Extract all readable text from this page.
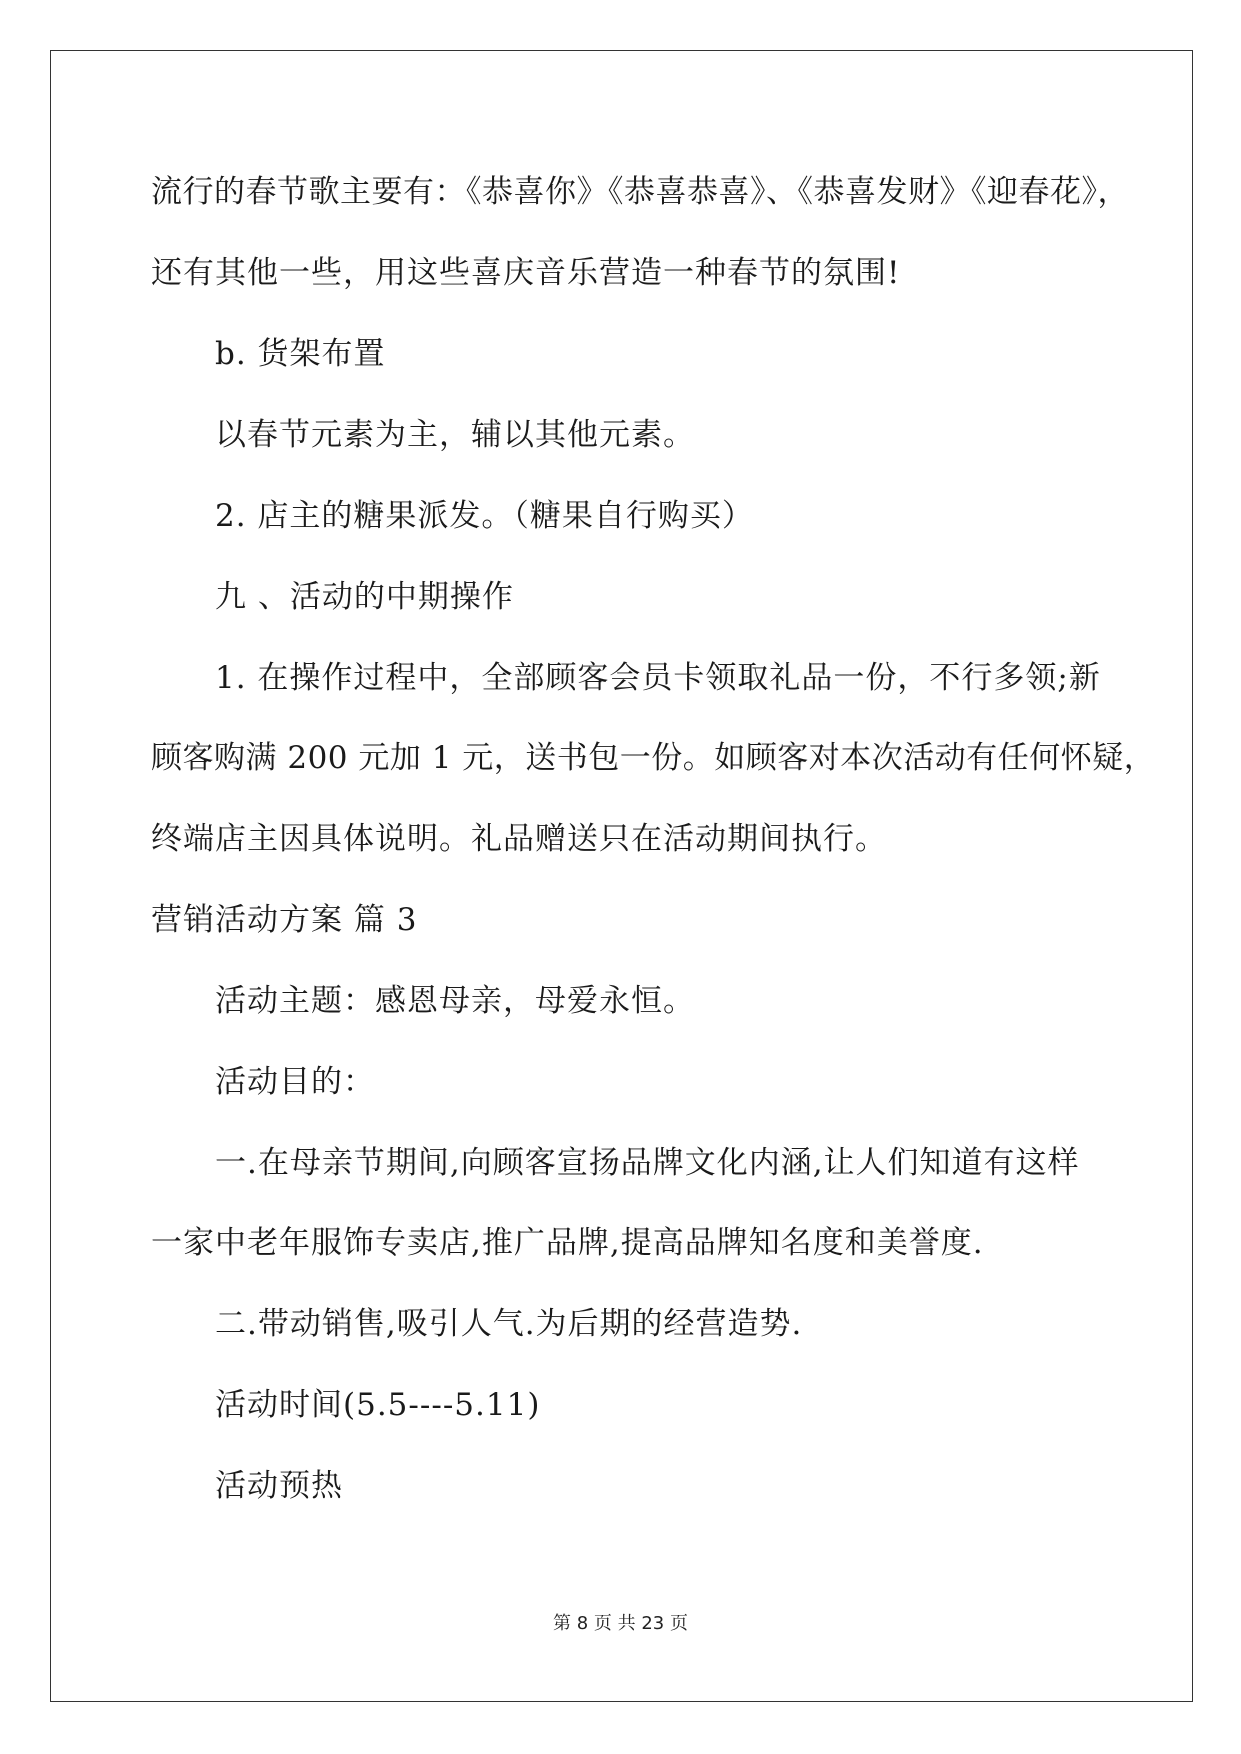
流行的春节歌主要有：《恭喜你》《恭喜恭喜》、《恭喜发财》《迎春花》，
还有其他一些，用这些喜庆音乐营造一种春节的氛围!
b. 货架布置
以春节元素为主，辅以其他元素。
2. 店主的糖果派发。（糖果自行购买）
九 、活动的中期操作
1. 在操作过程中，全部顾客会员卡领取礼品一份，不行多领;新
顾客购满 200 元加 1 元，送书包一份。如顾客对本次活动有任何怀疑，
终端店主因具体说明。礼品赠送只在活动期间执行。
营销活动方案 篇 3
活动主题：感恩母亲，母爱永恒。
活动目的：
一.在母亲节期间,向顾客宣扬品牌文化内涵,让人们知道有这样
一家中老年服饰专卖店,推广品牌,提高品牌知名度和美誉度.
二.带动销售,吸引人气.为后期的经营造势.
活动时间(5.5----5.11)
活动预热
第 8 页 共 23 页
